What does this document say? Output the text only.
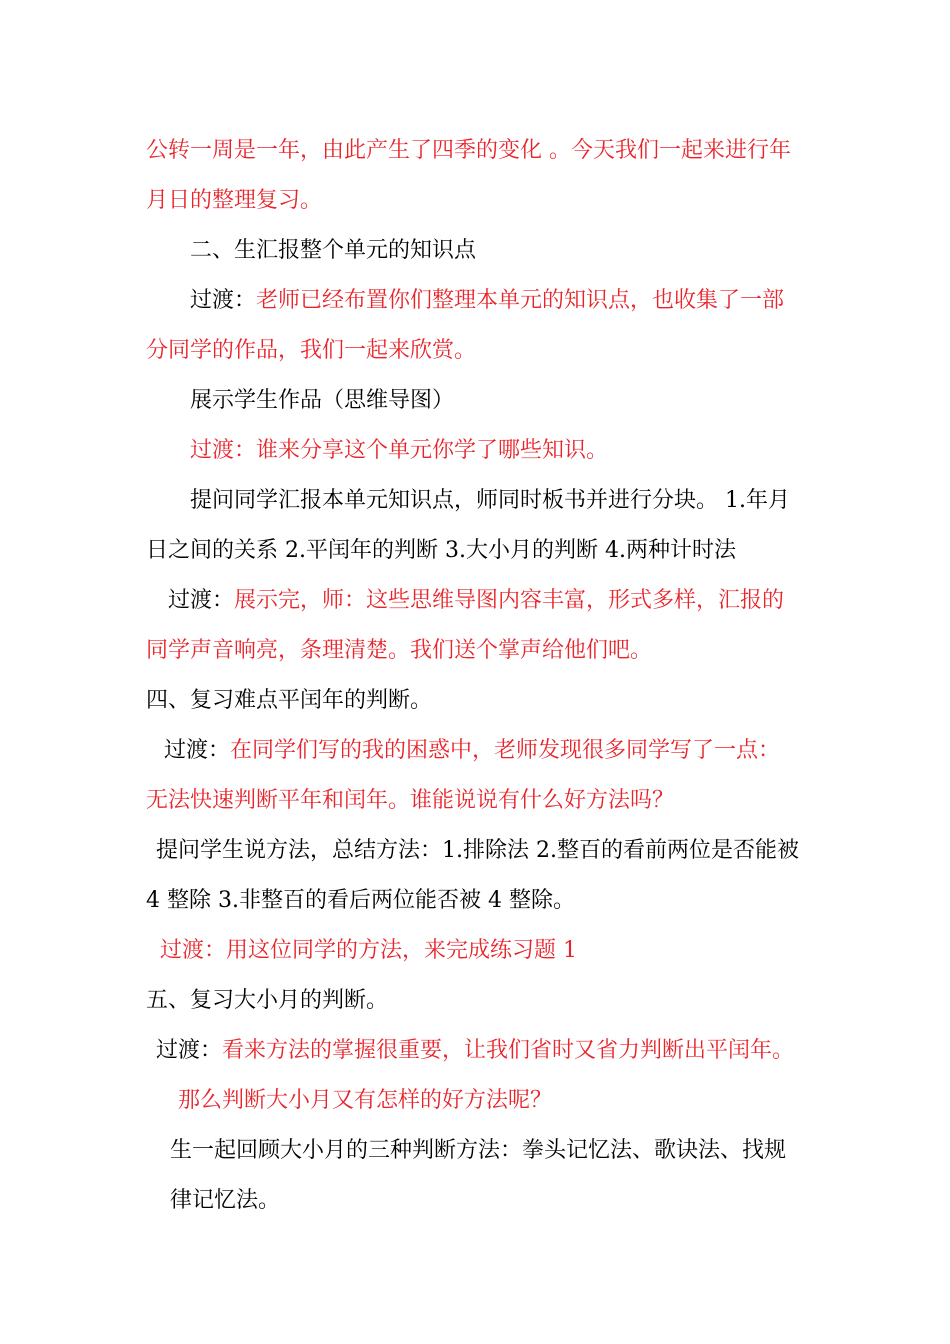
公转一周是一年，由此产生了四季的变化 。今天我们一起来进行年
月日的整理复习。
二、生汇报整个单元的知识点
过渡：老师已经布置你们整理本单元的知识点，也收集了一部
分同学的作品，我们一起来欣赏。
展示学生作品（思维导图）
过渡：谁来分享这个单元你学了哪些知识。
提问同学汇报本单元知识点，师同时板书并进行分块。 1.年月
日之间的关系 2.平闰年的判断 3.大小月的判断 4.两种计时法
过渡：展示完，师：这些思维导图内容丰富，形式多样，汇报的
同学声音响亮，条理清楚。我们送个掌声给他们吧。
四、复习难点平闰年的判断。
过渡：在同学们写的我的困惑中，老师发现很多同学写了一点：
无法快速判断平年和闰年。谁能说说有什么好方法吗？
提问学生说方法，总结方法：1.排除法 2.整百的看前两位是否能被
4 整除 3.非整百的看后两位能否被 4 整除。
过渡：用这位同学的方法，来完成练习题 1
五、复习大小月的判断。
过渡：看来方法的掌握很重要，让我们省时又省力判断出平闰年。
那么判断大小月又有怎样的好方法呢？
生一起回顾大小月的三种判断方法：拳头记忆法、歌诀法、找规
律记忆法。
